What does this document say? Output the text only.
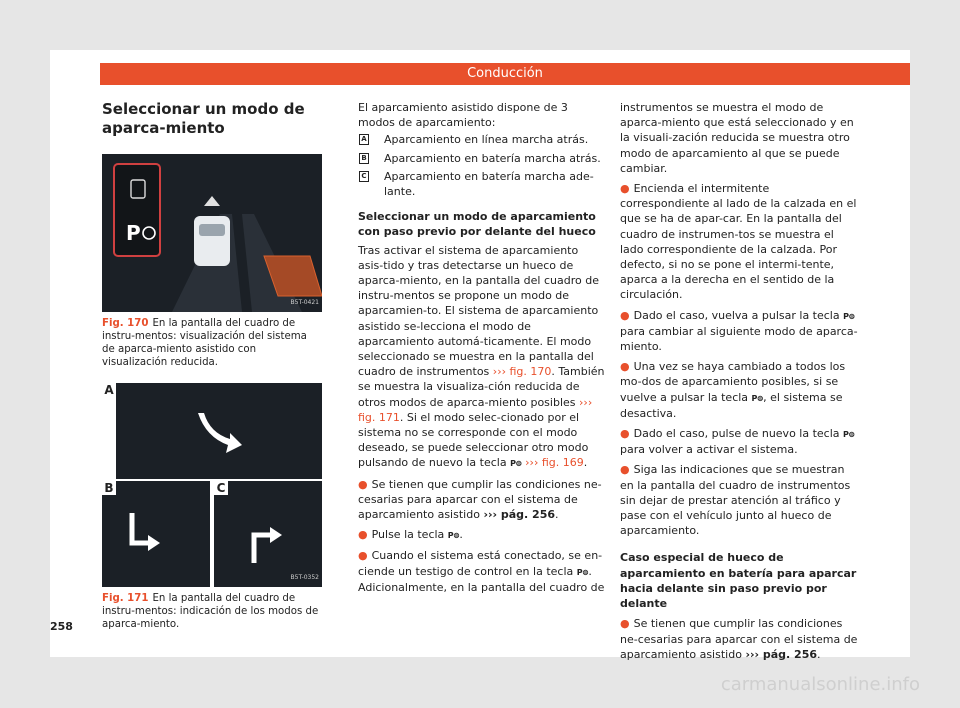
Conducción
258
Seleccionar un modo de aparca-miento
P
B5T-0421
Fig. 170 En la pantalla del cuadro de instru-mentos: visualización del sistema de aparca-miento asistido con visualización reducida.

A
B	C
B5T-0352
Fig. 171 En la pantalla del cuadro de instru-mentos: indicación de los modos de aparca-miento.

El aparcamiento asistido dispone de 3 modos de aparcamiento:

A Aparcamiento en línea marcha atrás.
B Aparcamiento en batería marcha atrás.
C Aparcamiento en batería marcha ade-lante.
Seleccionar un modo de aparcamiento con paso previo por delante del hueco

Tras activar el sistema de aparcamiento asis-tido y tras detectarse un hueco de aparca-miento, en la pantalla del cuadro de instru-mentos se propone un modo de aparcamien-to. El sistema de aparcamiento asistido se-lecciona el modo de aparcamiento automá-ticamente. El modo seleccionado se muestra en la pantalla del cuadro de instrumentos ››› fig. 170. También se muestra la visualiza-ción reducida de otros modos de aparca-miento posibles ››› fig. 171. Si el modo selec-cionado por el sistema no se corresponde con el modo deseado, se puede seleccionar otro modo pulsando de nuevo la tecla P⊜ ››› fig. 169.

● Se tienen que cumplir las condiciones ne-cesarias para aparcar con el sistema de aparcamiento asistido ››› pág. 256.

● Pulse la tecla P⊜.

● Cuando el sistema está conectado, se en-ciende un testigo de control en la tecla P⊜. Adicionalmente, en la pantalla del cuadro de

instrumentos se muestra el modo de aparca-miento que está seleccionado y en la visuali-zación reducida se muestra otro modo de aparcamiento al que se puede cambiar.

● Encienda el intermitente correspondiente al lado de la calzada en el que se ha de apar-car. En la pantalla del cuadro de instrumen-tos se muestra el lado correspondiente de la calzada. Por defecto, si no se pone el intermi-tente, aparca a la derecha en el sentido de la circulación.

● Dado el caso, vuelva a pulsar la tecla P⊜ para cambiar al siguiente modo de aparca-miento.

● Una vez se haya cambiado a todos los mo-dos de aparcamiento posibles, si se vuelve a pulsar la tecla P⊜, el sistema se desactiva.

● Dado el caso, pulse de nuevo la tecla P⊜ para volver a activar el sistema.

● Siga las indicaciones que se muestran en la pantalla del cuadro de instrumentos sin dejar de prestar atención al tráfico y pase con el vehículo junto al hueco de aparcamiento.

Caso especial de hueco de aparcamiento en batería para aparcar hacia delante sin paso previo por delante

● Se tienen que cumplir las condiciones ne-cesarias para aparcar con el sistema de aparcamiento asistido ››› pág. 256.

carmanualsonline.info
